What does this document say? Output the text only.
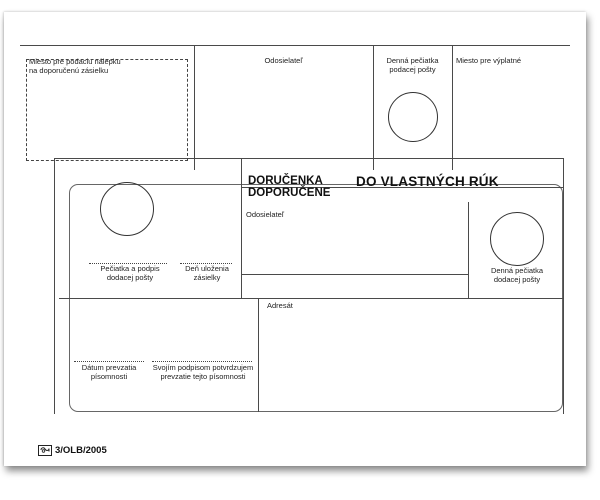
Miesto pre podaciu nálepku
na doporučenú zásielku
Odosielateľ	Denná pečiatka
podacej pošty
Miesto pre výplatné
DORUČENKA
DOPORUČENE
DO VLASTNÝCH RÚK
Pečiatka a podpis
dodacej pošty
Deň uloženia
zásielky
Odosielateľ
Denná pečiatka
dodacej pošty
Dátum prevzatia
písomnosti
Svojím podpisom potvrdzujem
prevzatie tejto písomnosti
Adresát
3/OLB/2005
